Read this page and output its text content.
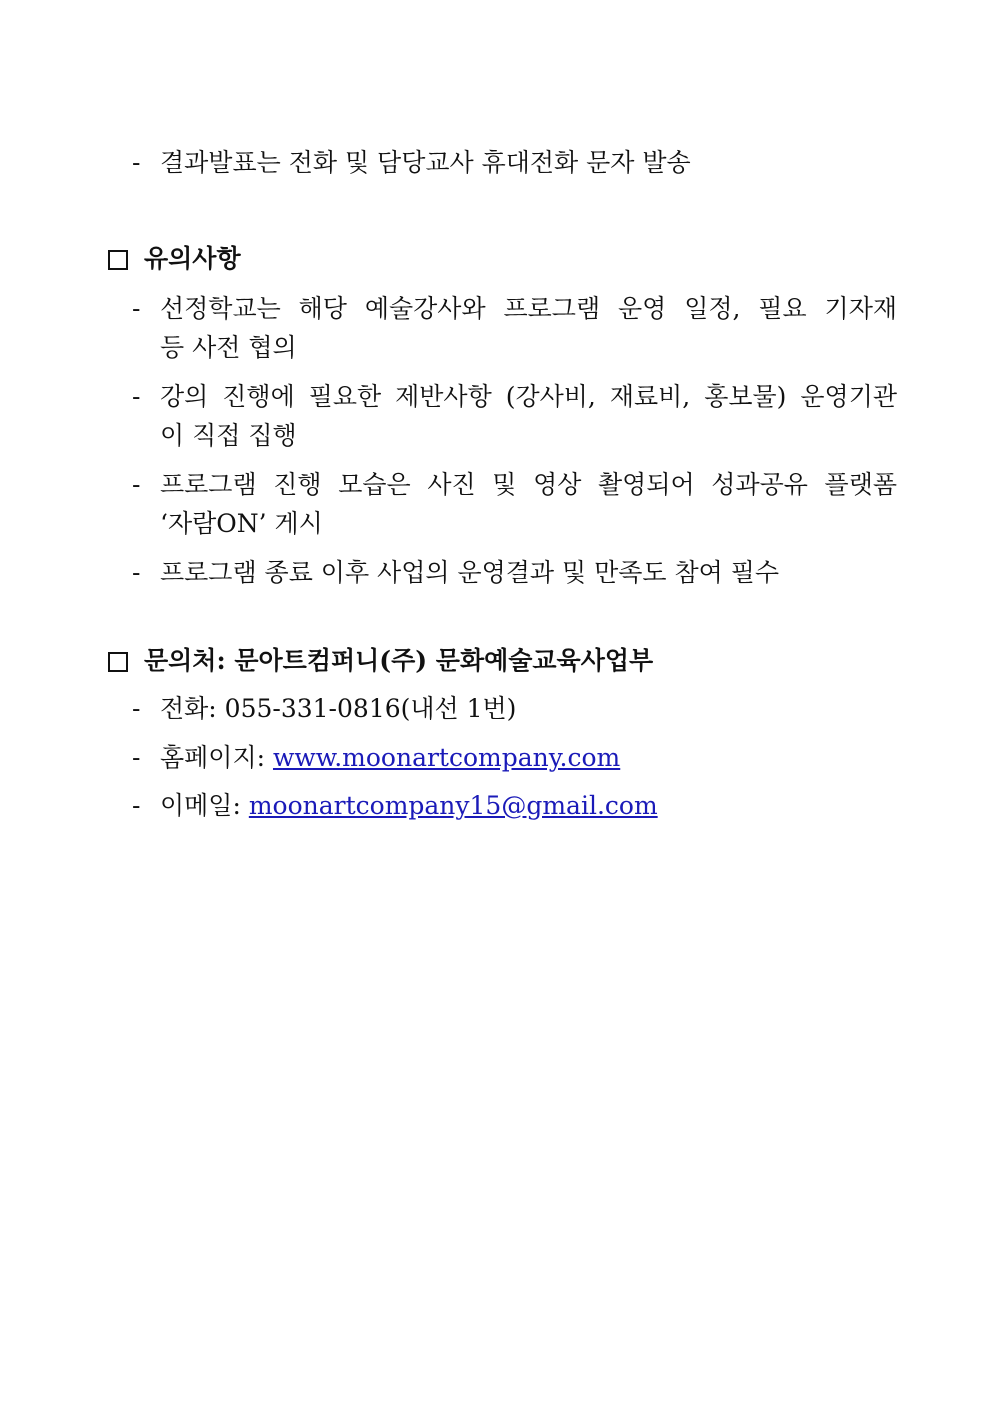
- 결과발표는 전화 및 담당교사 휴대전화 문자 발송
유의사항
- 선정학교는 해당 예술강사와 프로그램 운영 일정, 필요 기자재
등 사전 협의
- 강의 진행에 필요한 제반사항 (강사비, 재료비, 홍보물) 운영기관
이 직접 집행
- 프로그램 진행 모습은 사진 및 영상 촬영되어 성과공유 플랫폼
‘자람ON’ 게시
- 프로그램 종료 이후 사업의 운영결과 및 만족도 참여 필수
문의처: 문아트컴퍼니(주) 문화예술교육사업부
- 전화: 055-331-0816(내선 1번)
- 홈페이지: www.moonartcompany.com
- 이메일: moonartcompany15@gmail.com
